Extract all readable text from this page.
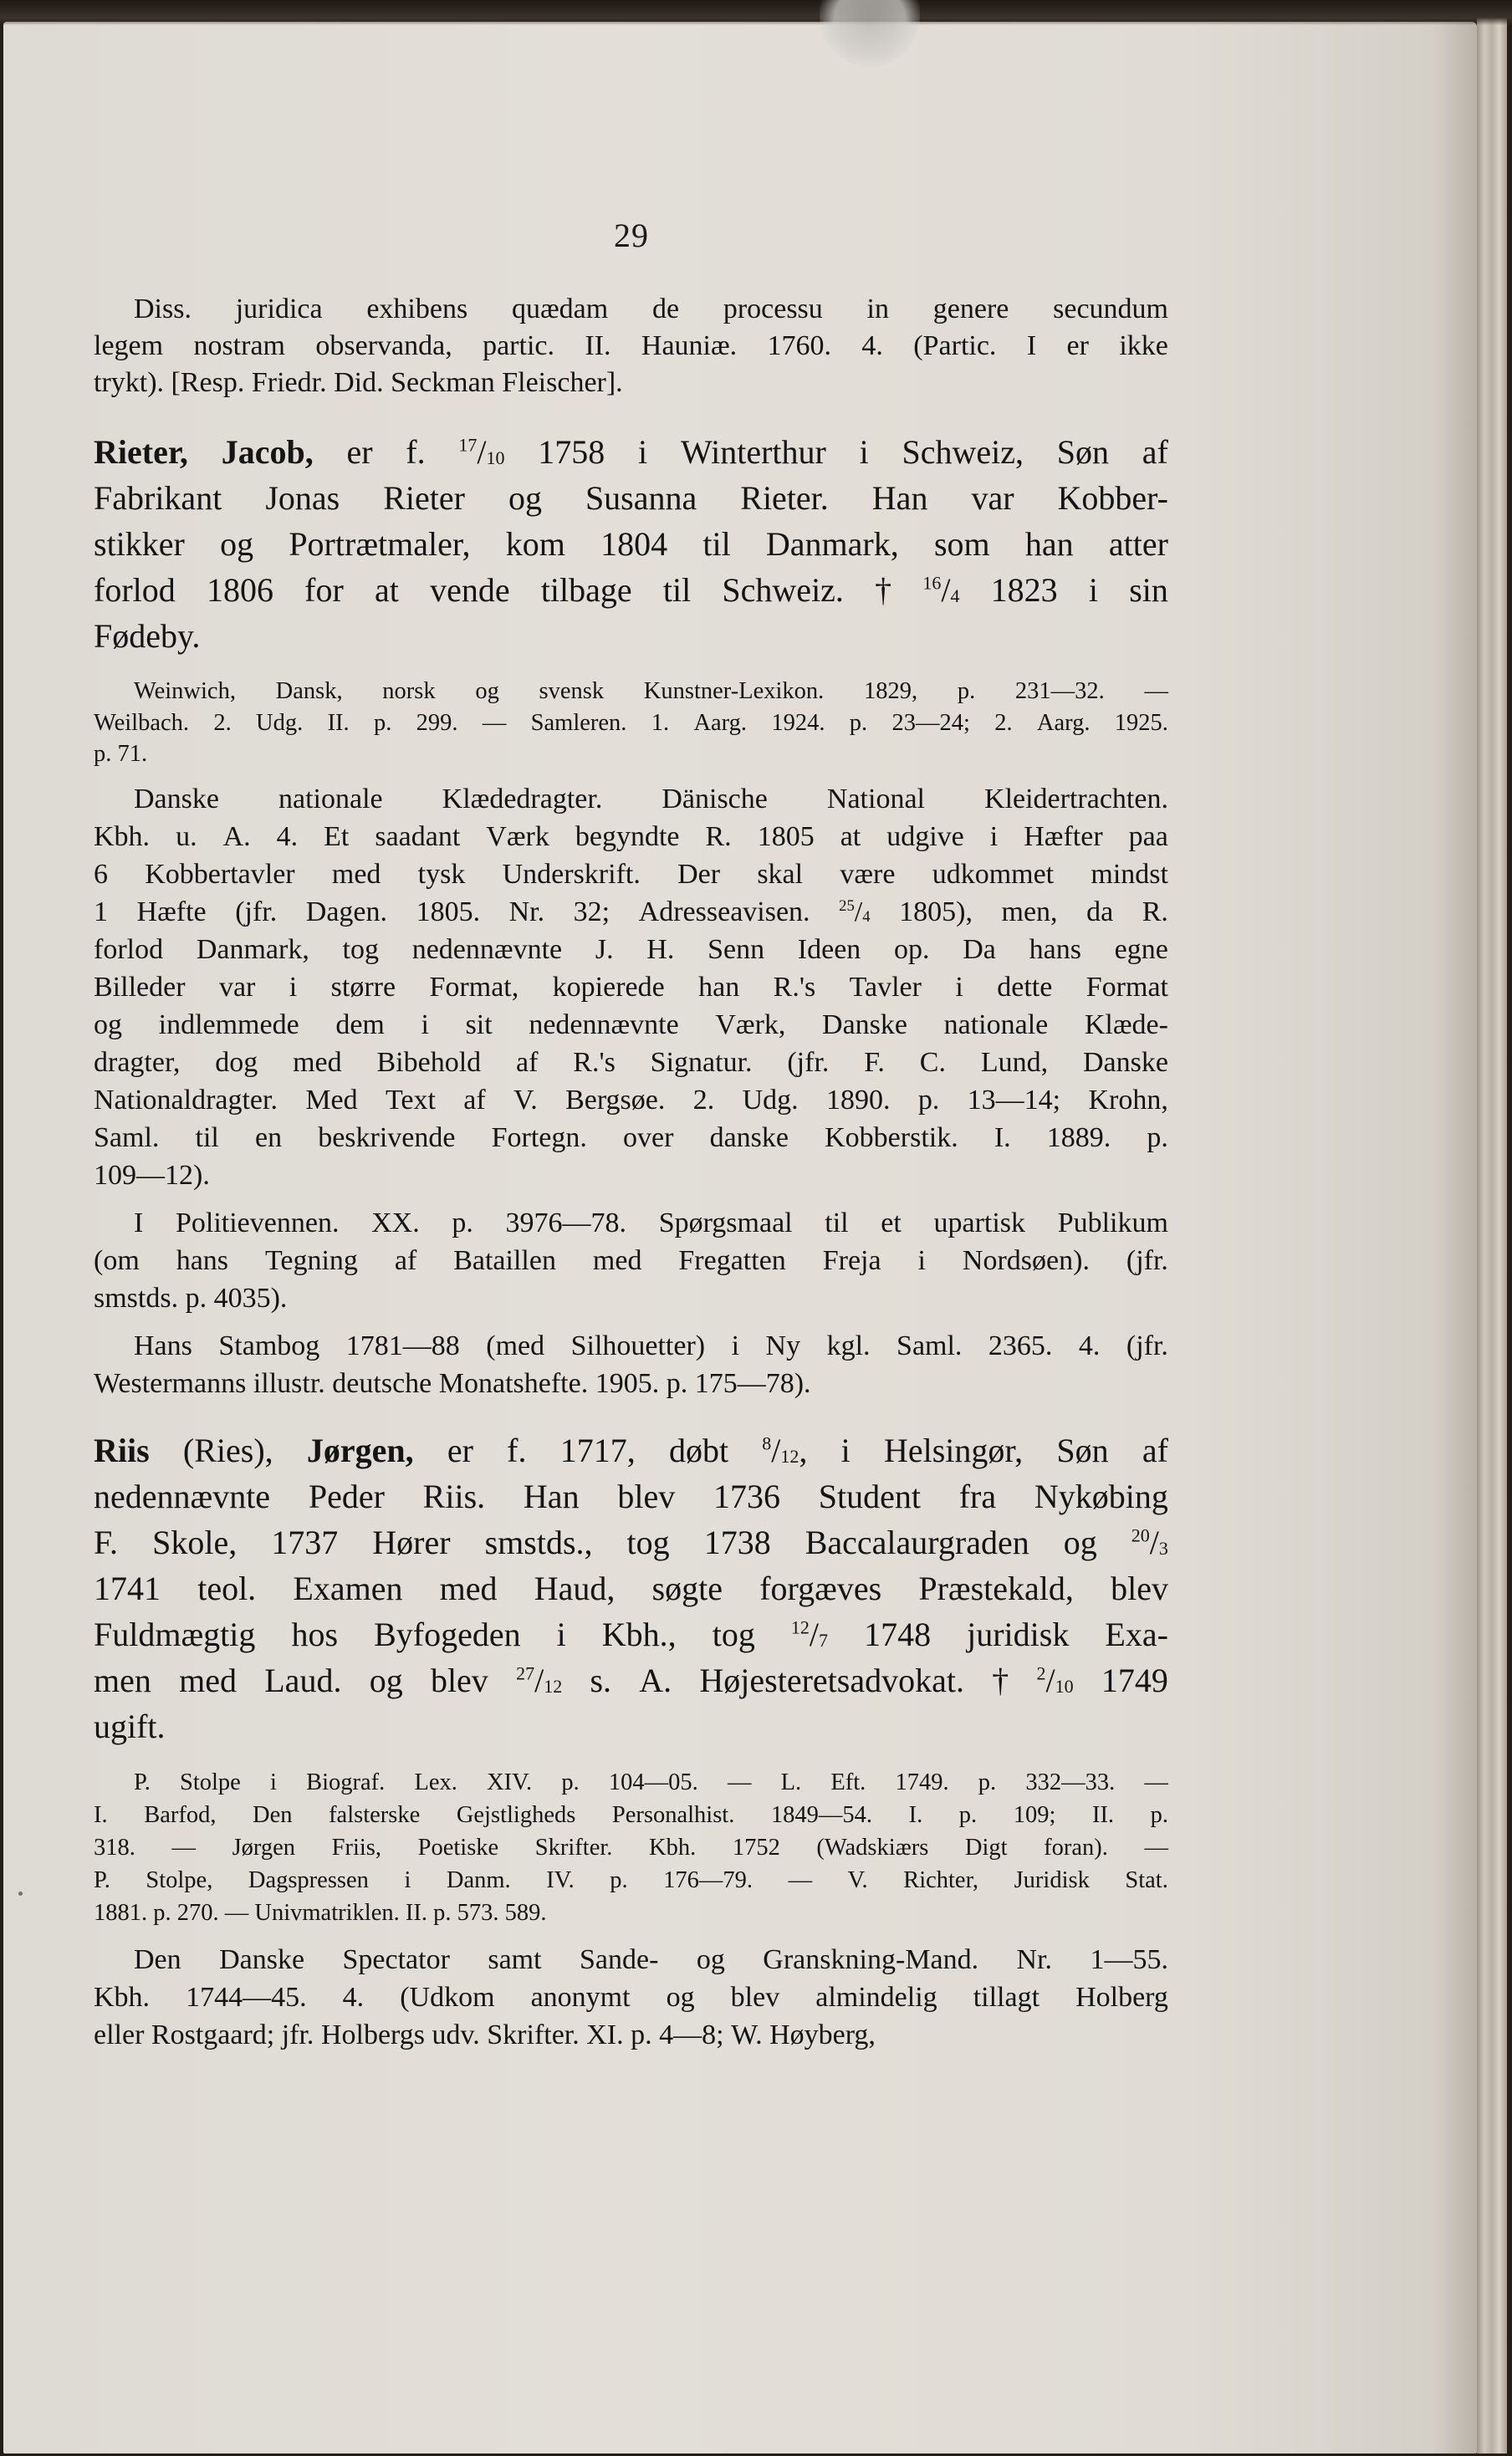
29
Diss. juridica exhibens quædam de processu in genere secundum
legem nostram observanda, partic. II. Hauniæ. 1760. 4. (Partic. I er ikke
trykt). [Resp. Friedr. Did. Seckman Fleischer].
Rieter, Jacob, er f. $^{17}/_{10}$ 1758 i Winterthur i Schweiz, Søn af
Fabrikant Jonas Rieter og Susanna Rieter. Han var Kobber-
stikker og Portrætmaler, kom 1804 til Danmark, som han atter
forlod 1806 for at vende tilbage til Schweiz. † $^{16}/_4$ 1823 i sin
Fødeby.
Weinwich, Dansk, norsk og svensk Kunstner-Lexikon. 1829, p. 231—32. —
Weilbach. 2. Udg. II. p. 299. — Samleren. 1. Aarg. 1924. p. 23—24; 2. Aarg. 1925.
p. 71.
Danske nationale Klædedragter. Dänische National Kleidertrachten.
Kbh. u. A. 4. Et saadant Værk begyndte R. 1805 at udgive i Hæfter paa
6 Kobbertavler med tysk Underskrift. Der skal være udkommet mindst
1 Hæfte (jfr. Dagen. 1805. Nr. 32; Adresseavisen. $^{25}/_4$ 1805), men, da R.
forlod Danmark, tog nedennævnte J. H. Senn Ideen op. Da hans egne
Billeder var i større Format, kopierede han R.'s Tavler i dette Format
og indlemmede dem i sit nedennævnte Værk, Danske nationale Klæde-
dragter, dog med Bibehold af R.'s Signatur. (jfr. F. C. Lund, Danske
Nationaldragter. Med Text af V. Bergsøe. 2. Udg. 1890. p. 13—14; Krohn,
Saml. til en beskrivende Fortegn. over danske Kobberstik. I. 1889. p.
109—12).
I Politievennen. XX. p. 3976—78. Spørgsmaal til et upartisk Publikum
(om hans Tegning af Bataillen med Fregatten Freja i Nordsøen). (jfr.
smstds. p. 4035).
Hans Stambog 1781—88 (med Silhouetter) i Ny kgl. Saml. 2365. 4. (jfr.
Westermanns illustr. deutsche Monatshefte. 1905. p. 175—78).
Riis (Ries), Jørgen, er f. 1717, døbt $^8/_{12}$, i Helsingør, Søn af
nedennævnte Peder Riis. Han blev 1736 Student fra Nykøbing
F. Skole, 1737 Hører smstds., tog 1738 Baccalaurgraden og $^{20}/_3$
1741 teol. Examen med Haud, søgte forgæves Præstekald, blev
Fuldmægtig hos Byfogeden i Kbh., tog $^{12}/_7$ 1748 juridisk Exa-
men med Laud. og blev $^{27}/_{12}$ s. A. Højesteretsadvokat. † $^2/_{10}$ 1749
ugift.
P. Stolpe i Biograf. Lex. XIV. p. 104—05. — L. Eft. 1749. p. 332—33. —
I. Barfod, Den falsterske Gejstligheds Personalhist. 1849—54. I. p. 109; II. p.
318. — Jørgen Friis, Poetiske Skrifter. Kbh. 1752 (Wadskiærs Digt foran). —
P. Stolpe, Dagspressen i Danm. IV. p. 176—79. — V. Richter, Juridisk Stat.
1881. p. 270. — Univmatriklen. II. p. 573. 589.
Den Danske Spectator samt Sande- og Granskning-Mand. Nr. 1—55.
Kbh. 1744—45. 4. (Udkom anonymt og blev almindelig tillagt Holberg
eller Rostgaard; jfr. Holbergs udv. Skrifter. XI. p. 4—8; W. Høyberg,
